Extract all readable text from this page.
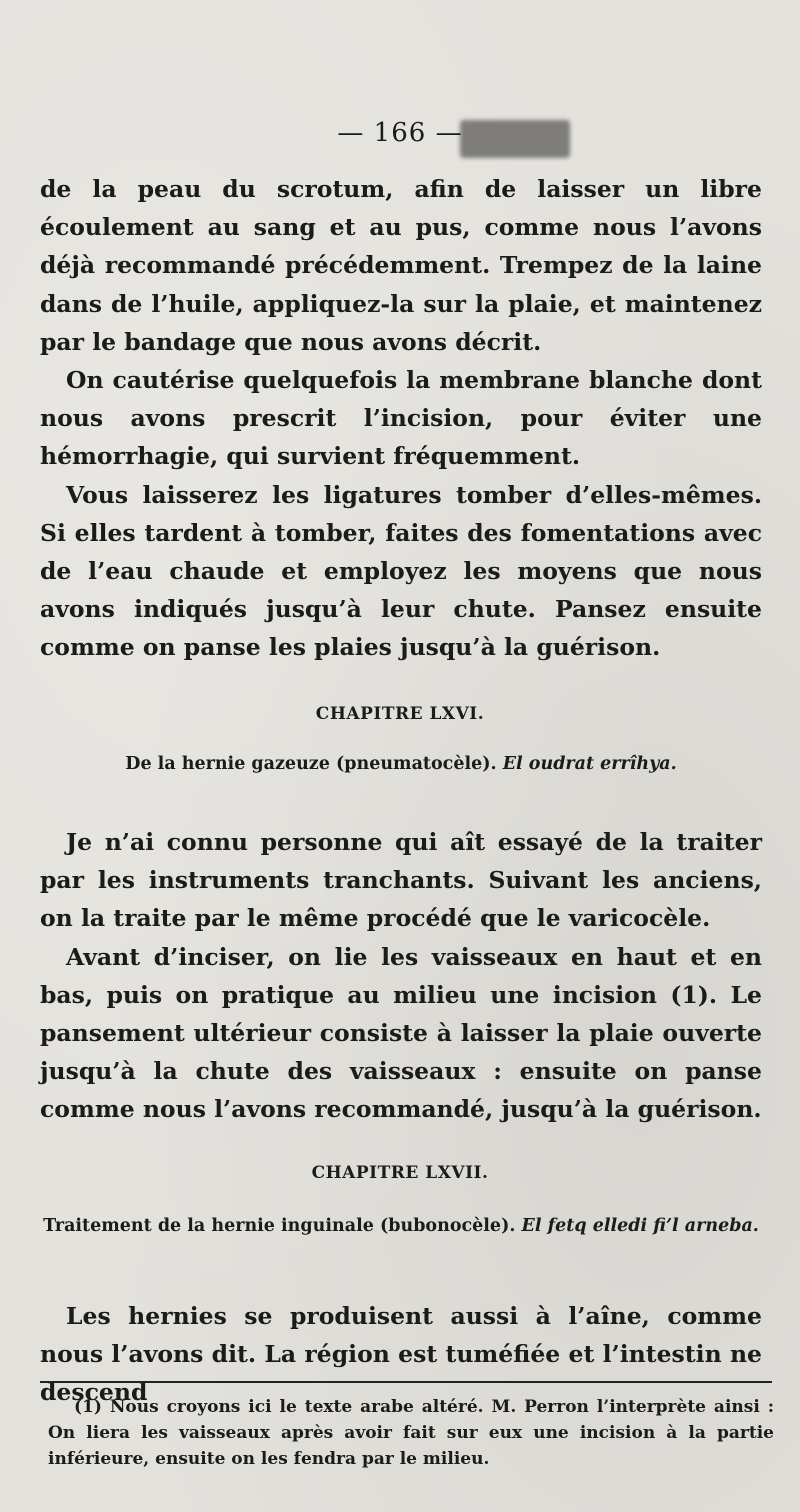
— 166 —

de la peau du scrotum, afin de laisser un libre écoulement au sang et au pus, comme nous l’avons déjà recommandé précédemment. Trempez de la laine dans de l’huile, appliquez-la sur la plaie, et maintenez par le bandage que nous avons décrit.

On cautérise quelquefois la membrane blanche dont nous avons prescrit l’incision, pour éviter une hémorrhagie, qui survient fréquemment.

Vous laisserez les ligatures tomber d’elles-mêmes. Si elles tardent à tomber, faites des fomentations avec de l’eau chaude et employez les moyens que nous avons indiqués jusqu’à leur chute. Pansez ensuite comme on panse les plaies jusqu’à la guérison.

CHAPITRE LXVI.
De la hernie gazeuze (pneumatocèle). El oudrat errîhya.

Je n’ai connu personne qui aît essayé de la traiter par les instruments tranchants. Suivant les anciens, on la traite par le même procédé que le varicocèle.

Avant d’inciser, on lie les vaisseaux en haut et en bas, puis on pratique au milieu une incision (1). Le pansement ultérieur consiste à laisser la plaie ouverte jusqu’à la chute des vaisseaux : ensuite on panse comme nous l’avons recommandé, jusqu’à la guérison.

CHAPITRE LXVII.
Traitement de la hernie inguinale (bubonocèle). El fetq elledi fi’l arneba.

Les hernies se produisent aussi à l’aîne, comme nous l’avons dit. La région est tuméfiée et l’intestin ne descend

(1) Nous croyons ici le texte arabe altéré. M. Perron l’interprète ainsi : On liera les vaisseaux après avoir fait sur eux une incision à la partie inférieure, ensuite on les fendra par le milieu.
